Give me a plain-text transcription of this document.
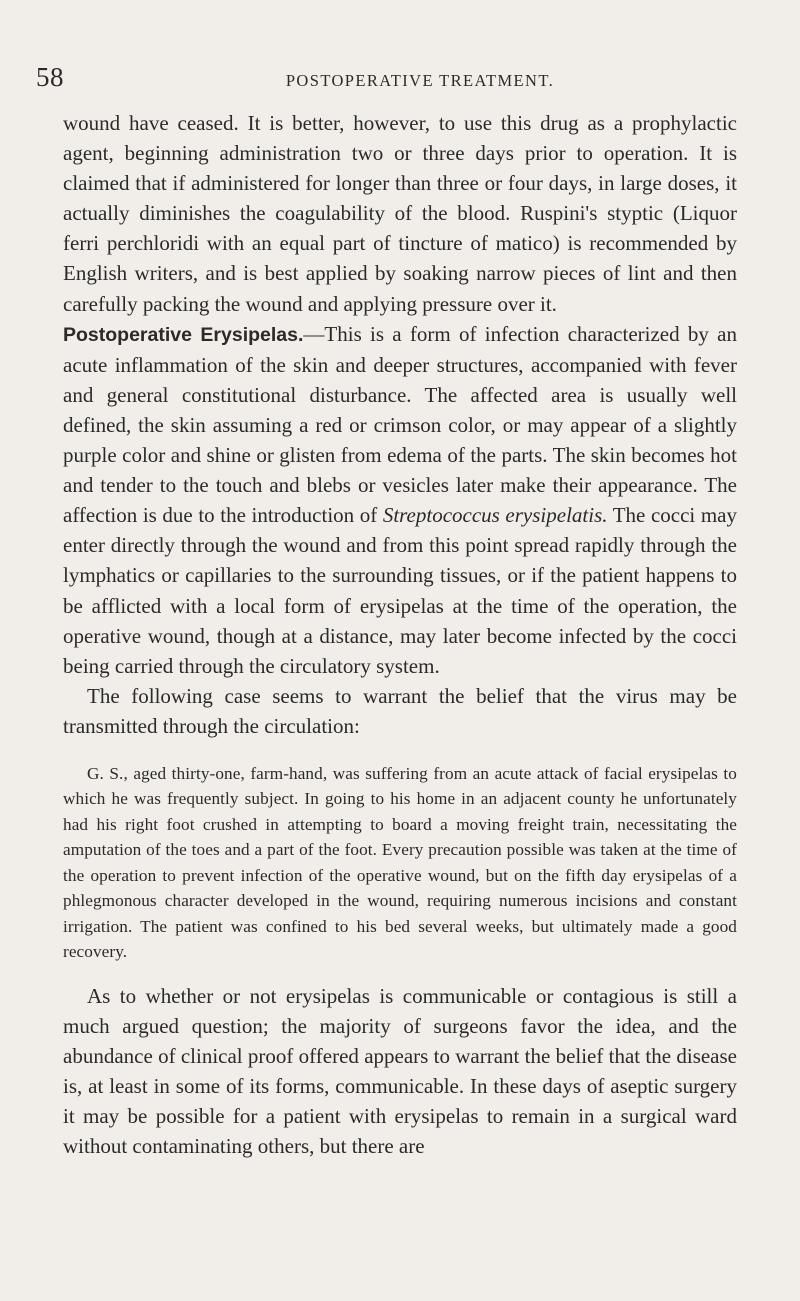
58	POSTOPERATIVE TREATMENT.

wound have ceased. It is better, however, to use this drug as a prophylactic agent, beginning administration two or three days prior to operation. It is claimed that if administered for longer than three or four days, in large doses, it actually diminishes the coagulability of the blood. Ruspini's styptic (Liquor ferri perchloridi with an equal part of tincture of matico) is recommended by English writers, and is best applied by soaking narrow pieces of lint and then carefully packing the wound and applying pressure over it.

Postoperative Erysipelas.—This is a form of infection characterized by an acute inflammation of the skin and deeper structures, accompanied with fever and general constitutional disturbance. The affected area is usually well defined, the skin assuming a red or crimson color, or may appear of a slightly purple color and shine or glisten from edema of the parts. The skin becomes hot and tender to the touch and blebs or vesicles later make their appearance. The affection is due to the introduction of Streptococcus erysipelatis. The cocci may enter directly through the wound and from this point spread rapidly through the lymphatics or capillaries to the surrounding tissues, or if the patient happens to be afflicted with a local form of erysipelas at the time of the operation, the operative wound, though at a distance, may later become infected by the cocci being carried through the circulatory system.

The following case seems to warrant the belief that the virus may be transmitted through the circulation:

G. S., aged thirty-one, farm-hand, was suffering from an acute attack of facial erysipelas to which he was frequently subject. In going to his home in an adjacent county he unfortunately had his right foot crushed in attempting to board a moving freight train, necessitating the amputation of the toes and a part of the foot. Every precaution possible was taken at the time of the operation to prevent infection of the operative wound, but on the fifth day erysipelas of a phlegmonous character developed in the wound, requiring numerous incisions and constant irrigation. The patient was confined to his bed several weeks, but ultimately made a good recovery.

As to whether or not erysipelas is communicable or contagious is still a much argued question; the majority of surgeons favor the idea, and the abundance of clinical proof offered appears to warrant the belief that the disease is, at least in some of its forms, communicable. In these days of aseptic surgery it may be possible for a patient with erysipelas to remain in a surgical ward without contaminating others, but there are
